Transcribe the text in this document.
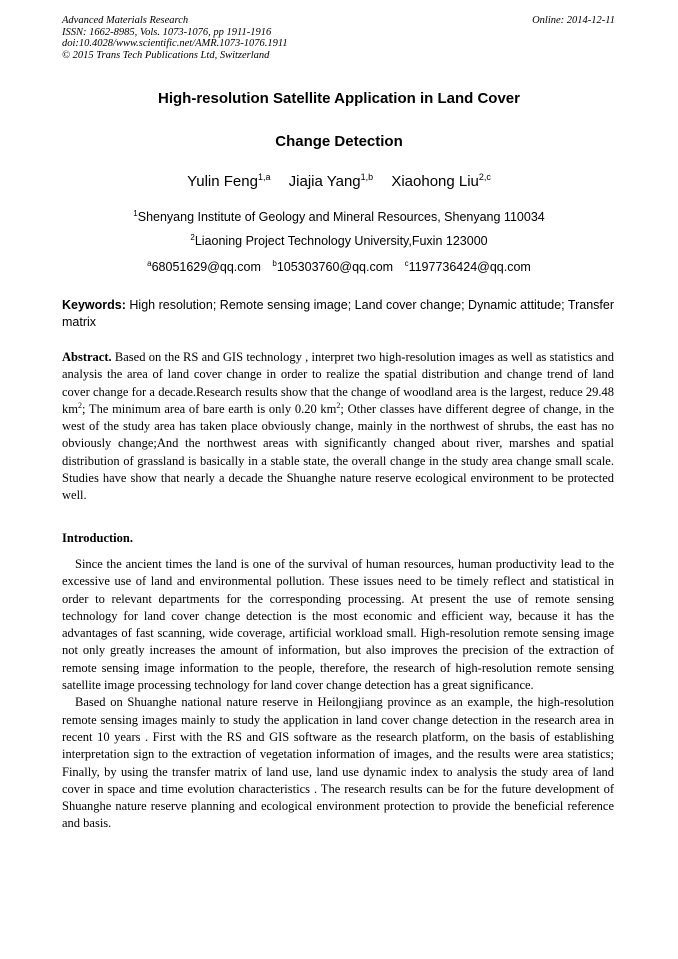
Advanced Materials Research
ISSN: 1662-8985, Vols. 1073-1076, pp 1911-1916
doi:10.4028/www.scientific.net/AMR.1073-1076.1911
© 2015 Trans Tech Publications Ltd, Switzerland
Online: 2014-12-11
High-resolution Satellite Application in Land Cover
Change Detection
Yulin Feng$^{1,a}$ Jiajia Yang$^{1,b}$ Xiaohong Liu$^{2,c}$
$^1$Shenyang Institute of Geology and Mineral Resources, Shenyang 110034
$^2$Liaoning Project Technology University,Fuxin 123000
$^a$68051629@qq.com $^b$105303760@qq.com $^c$1197736424@qq.com
Keywords: High resolution; Remote sensing image; Land cover change; Dynamic attitude; Transfer matrix
Abstract. Based on the RS and GIS technology , interpret two high-resolution images as well as statistics and analysis the area of land cover change in order to realize the spatial distribution and change trend of land cover change for a decade.Research results show that the change of woodland area is the largest, reduce 29.48 $km^2$; The minimum area of bare earth is only 0.20 $km^2$; Other classes have different degree of change, in the west of the study area has taken place obviously change, mainly in the northwest of shrubs, the east has no obviously change;And the northwest areas with significantly changed about river, marshes and spatial distribution of grassland is basically in a stable state, the overall change in the study area change small scale. Studies have show that nearly a decade the Shuanghe nature reserve ecological environment to be protected well.
Introduction.

Since the ancient times the land is one of the survival of human resources, human productivity lead to the excessive use of land and environmental pollution. These issues need to be timely reflect and statistical in order to relevant departments for the corresponding processing. At present the use of remote sensing technology for land cover change detection is the most economic and efficient way, because it has the advantages of fast scanning, wide coverage, artificial workload small. High-resolution remote sensing image not only greatly increases the amount of information, but also improves the precision of the extraction of remote sensing image information to the people, therefore, the research of high-resolution remote sensing satellite image processing technology for land cover change detection has a great significance.

Based on Shuanghe national nature reserve in Heilongjiang province as an example, the high-resolution remote sensing images mainly to study the application in land cover change detection in the research area in recent 10 years . First with the RS and GIS software as the research platform, on the basis of establishing interpretation sign to the extraction of vegetation information of images, and the results were area statistics; Finally, by using the transfer matrix of land use, land use dynamic index to analysis the study area of land cover in space and time evolution characteristics . The research results can be for the future development of Shuanghe nature reserve planning and ecological environment protection to provide the beneficial reference and basis.
